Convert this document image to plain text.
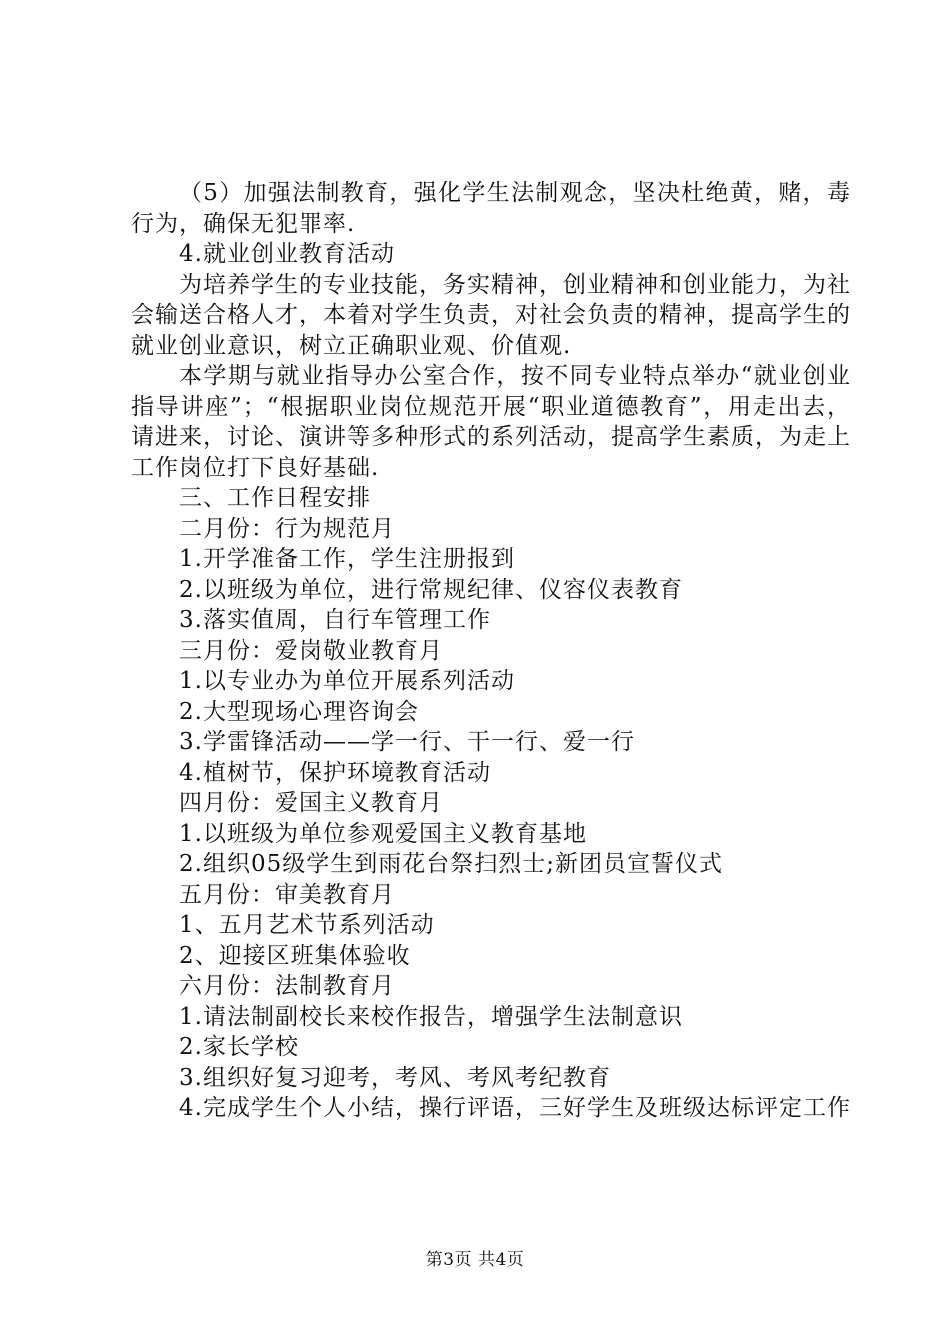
（5）加强法制教育，强化学生法制观念，坚决杜绝黄，赌，毒行为，确保无犯罪率.

4.就业创业教育活动

为培养学生的专业技能，务实精神，创业精神和创业能力，为社会输送合格人才，本着对学生负责，对社会负责的精神，提高学生的就业创业意识，树立正确职业观、价值观.

本学期与就业指导办公室合作，按不同专业特点举办“就业创业指导讲座”；“根据职业岗位规范开展“职业道德教育”，用走出去，请进来，讨论、演讲等多种形式的系列活动，提高学生素质，为走上工作岗位打下良好基础.

三、工作日程安排

二月份：行为规范月

1.开学准备工作，学生注册报到

2.以班级为单位，进行常规纪律、仪容仪表教育

3.落实值周，自行车管理工作

三月份：爱岗敬业教育月

1.以专业办为单位开展系列活动

2.大型现场心理咨询会

3.学雷锋活动——学一行、干一行、爱一行

4.植树节，保护环境教育活动

四月份：爱国主义教育月

1.以班级为单位参观爱国主义教育基地

2.组织05级学生到雨花台祭扫烈士;新团员宣誓仪式

五月份：审美教育月

1、五月艺术节系列活动

2、迎接区班集体验收

六月份：法制教育月

1.请法制副校长来校作报告，增强学生法制意识

2.家长学校

3.组织好复习迎考，考风、考风考纪教育

4.完成学生个人小结，操行评语，三好学生及班级达标评定工作

第3页 共4页
